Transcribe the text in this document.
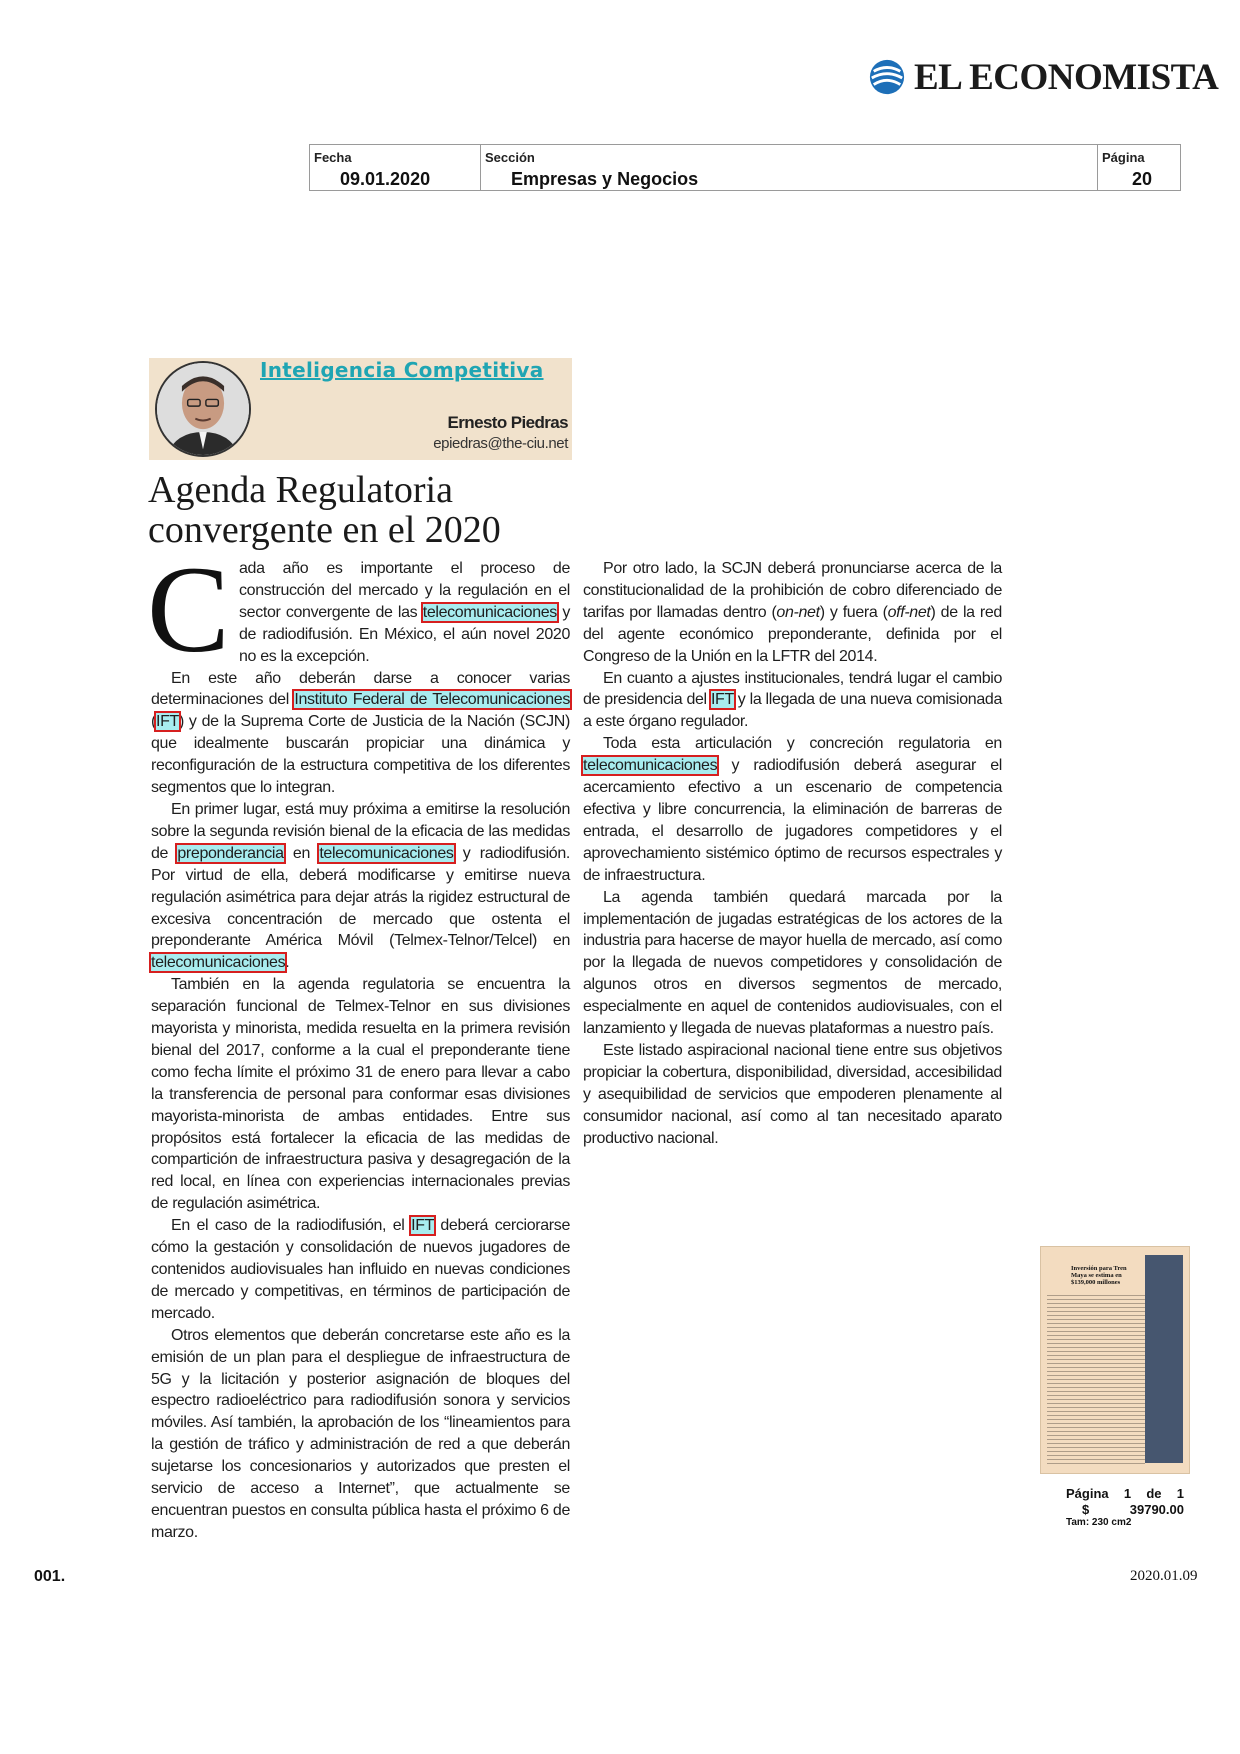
EL ECONOMISTA
Fecha
09.01.2020
Sección
Empresas y Negocios
Página
20
Inteligencia Competitiva
Ernesto Piedras
epiedras@the-ciu.net
Agenda Regulatoria
convergente en el 2020

Cada año es importante el proceso de construcción del mercado y la regulación en el sector convergente de las telecomunicaciones y de radiodifusión. En México, el aún novel 2020 no es la excepción.

En este año deberán darse a conocer varias determinaciones del Instituto Federal de Telecomunicaciones (IFT) y de la Suprema Corte de Justicia de la Nación (SCJN) que idealmente buscarán propiciar una dinámica y reconfiguración de la estructura competitiva de los diferentes segmentos que lo integran.

En primer lugar, está muy próxima a emitirse la resolución sobre la segunda revisión bienal de la eficacia de las medidas de preponderancia en telecomunicaciones y radiodifusión. Por virtud de ella, deberá modificarse y emitirse nueva regulación asimétrica para dejar atrás la rigidez estructural de excesiva concentración de mercado que ostenta el preponderante América Móvil (Telmex-Telnor/Telcel) en telecomunicaciones.

También en la agenda regulatoria se encuentra la separación funcional de Telmex-Telnor en sus divisiones mayorista y minorista, medida resuelta en la primera revisión bienal del 2017, conforme a la cual el preponderante tiene como fecha límite el próximo 31 de enero para llevar a cabo la transferencia de personal para conformar esas divisiones mayorista-minorista de ambas entidades. Entre sus propósitos está fortalecer la eficacia de las medidas de compartición de infraestructura pasiva y desagregación de la red local, en línea con experiencias internacionales previas de regulación asimétrica.

En el caso de la radiodifusión, el IFT deberá cerciorarse cómo la gestación y consolidación de nuevos jugadores de contenidos audiovisuales han influido en nuevas condiciones de mercado y competitivas, en términos de participación de mercado.

Otros elementos que deberán concretarse este año es la emisión de un plan para el despliegue de infraestructura de 5G y la licitación y posterior asignación de bloques del espectro radioeléctrico para radiodifusión sonora y servicios móviles. Así también, la aprobación de los “lineamientos para la gestión de tráfico y administración de red a que deberán sujetarse los concesionarios y autorizados que presten el servicio de acceso a Internet”, que actualmente se encuentran puestos en consulta pública hasta el próximo 6 de marzo.

Por otro lado, la SCJN deberá pronunciarse acerca de la constitucionalidad de la prohibición de cobro diferenciado de tarifas por llamadas dentro (on-net) y fuera (off-net) de la red del agente económico preponderante, definida por el Congreso de la Unión en la LFTR del 2014.

En cuanto a ajustes institucionales, tendrá lugar el cambio de presidencia del IFT y la llegada de una nueva comisionada a este órgano regulador.

Toda esta articulación y concreción regulatoria en telecomunicaciones y radiodifusión deberá asegurar el acercamiento efectivo a un escenario de competencia efectiva y libre concurrencia, la eliminación de barreras de entrada, el desarrollo de jugadores competidores y el aprovechamiento sistémico óptimo de recursos espectrales y de infraestructura.

La agenda también quedará marcada por la implementación de jugadas estratégicas de los actores de la industria para hacerse de mayor huella de mercado, así como por la llegada de nuevos competidores y consolidación de algunos otros en diversos segmentos de mercado, especialmente en aquel de contenidos audiovisuales, con el lanzamiento y llegada de nuevas plataformas a nuestro país.

Este listado aspiracional nacional tiene entre sus objetivos propiciar la cobertura, disponibilidad, diversidad, accesibilidad y asequibilidad de servicios que empoderen plenamente al consumidor nacional, así como al tan necesitado aparato productivo nacional.

Inversión para Tren Maya se estima en $139,000 millones
Página 1 de 1
$	39790.00
Tam: 230 cm2
001.	2020.01.09
